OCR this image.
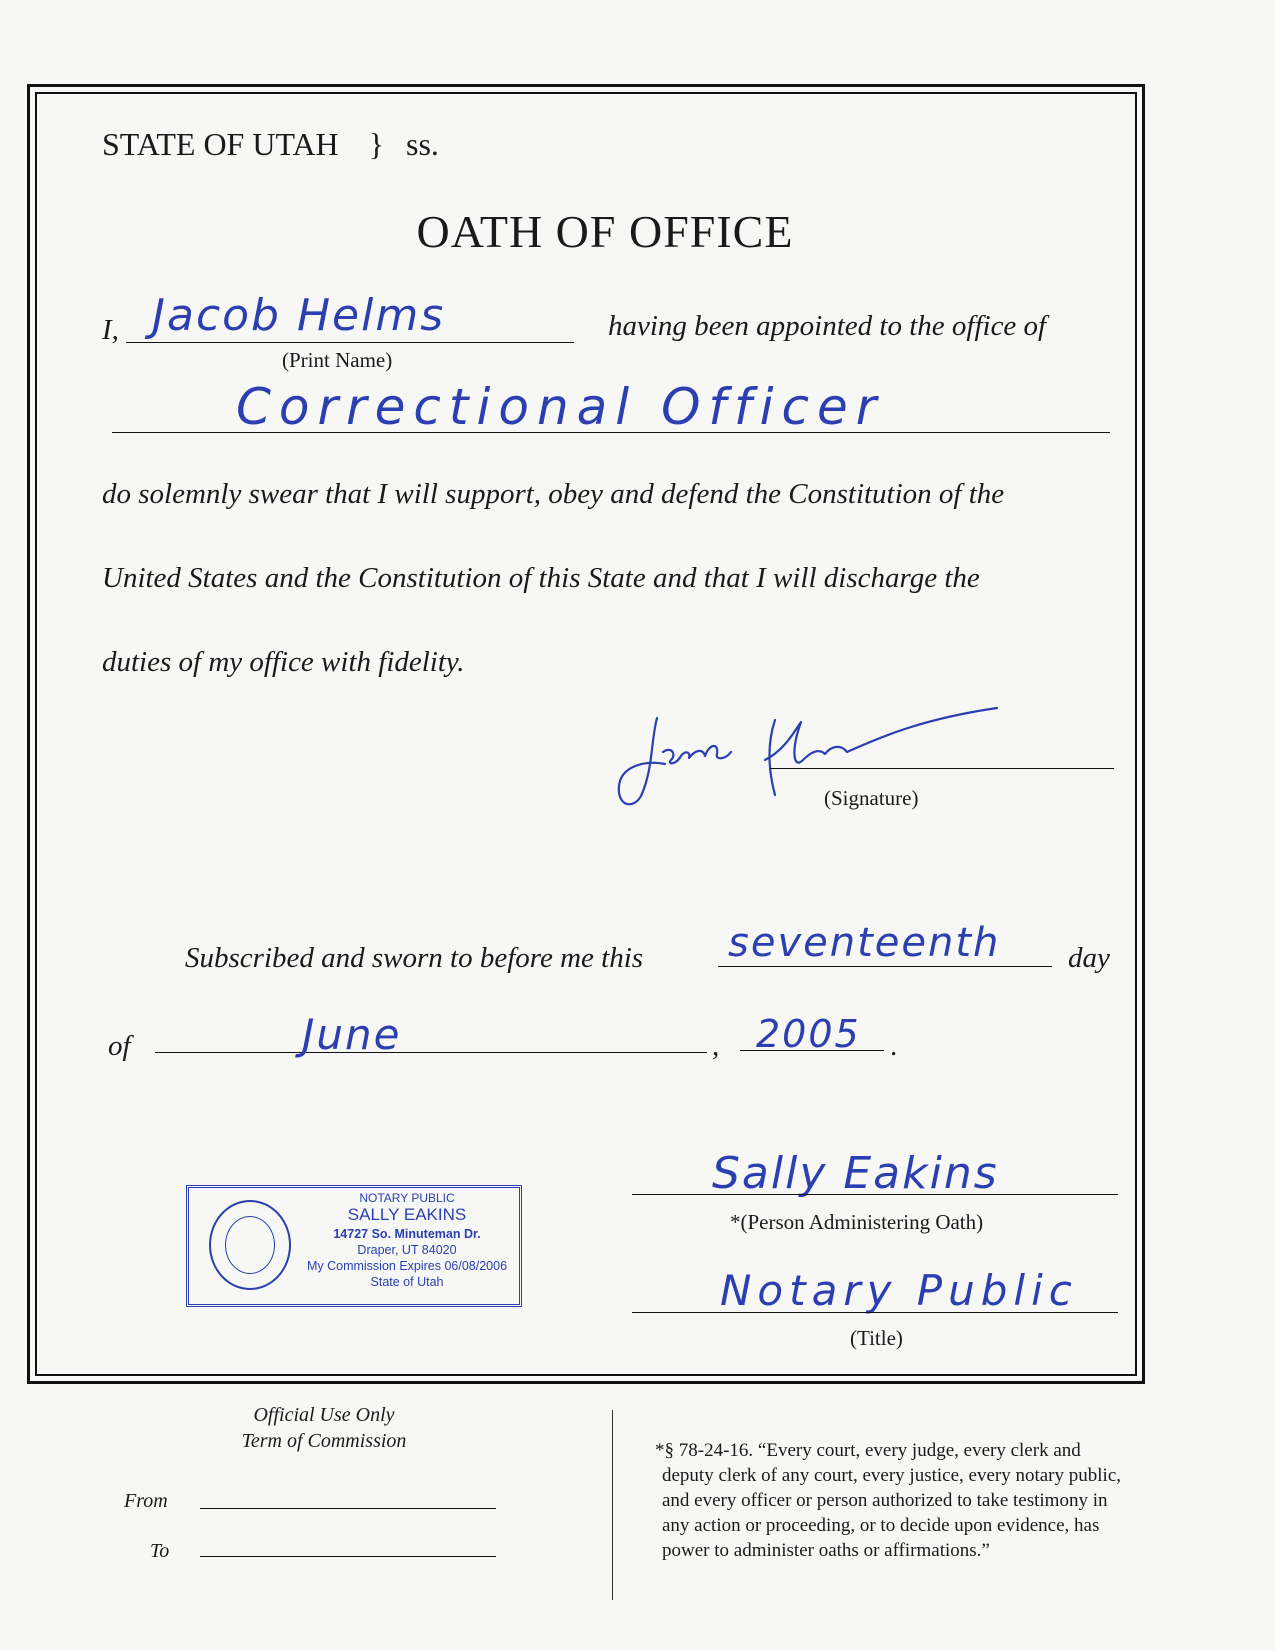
STATE OF UTAH } ss.
OATH OF OFFICE
I, Jacob Helms
(Print Name)
having been appointed to the office of
Correctional Officer
do solemnly swear that I will support, obey and defend the Constitution of the
United States and the Constitution of this State and that I will discharge the
duties of my office with fidelity.
(Signature)
Subscribed and sworn to before me this seventeenth day
of	June	, 2005 .
NOTARY PUBLIC
SALLY EAKINS
14727 So. Minuteman Dr.
Draper, UT 84020
My Commission Expires 06/08/2006
State of Utah
Sally Eakins
*(Person Administering Oath)
Notary Public
(Title)
Official Use Only
Term of Commission
From
To
*§ 78-24-16. “Every court, every judge, every clerk and
deputy clerk of any court, every justice, every notary public,
and every officer or person authorized to take testimony in
any action or proceeding, or to decide upon evidence, has
power to administer oaths or affirmations.”
